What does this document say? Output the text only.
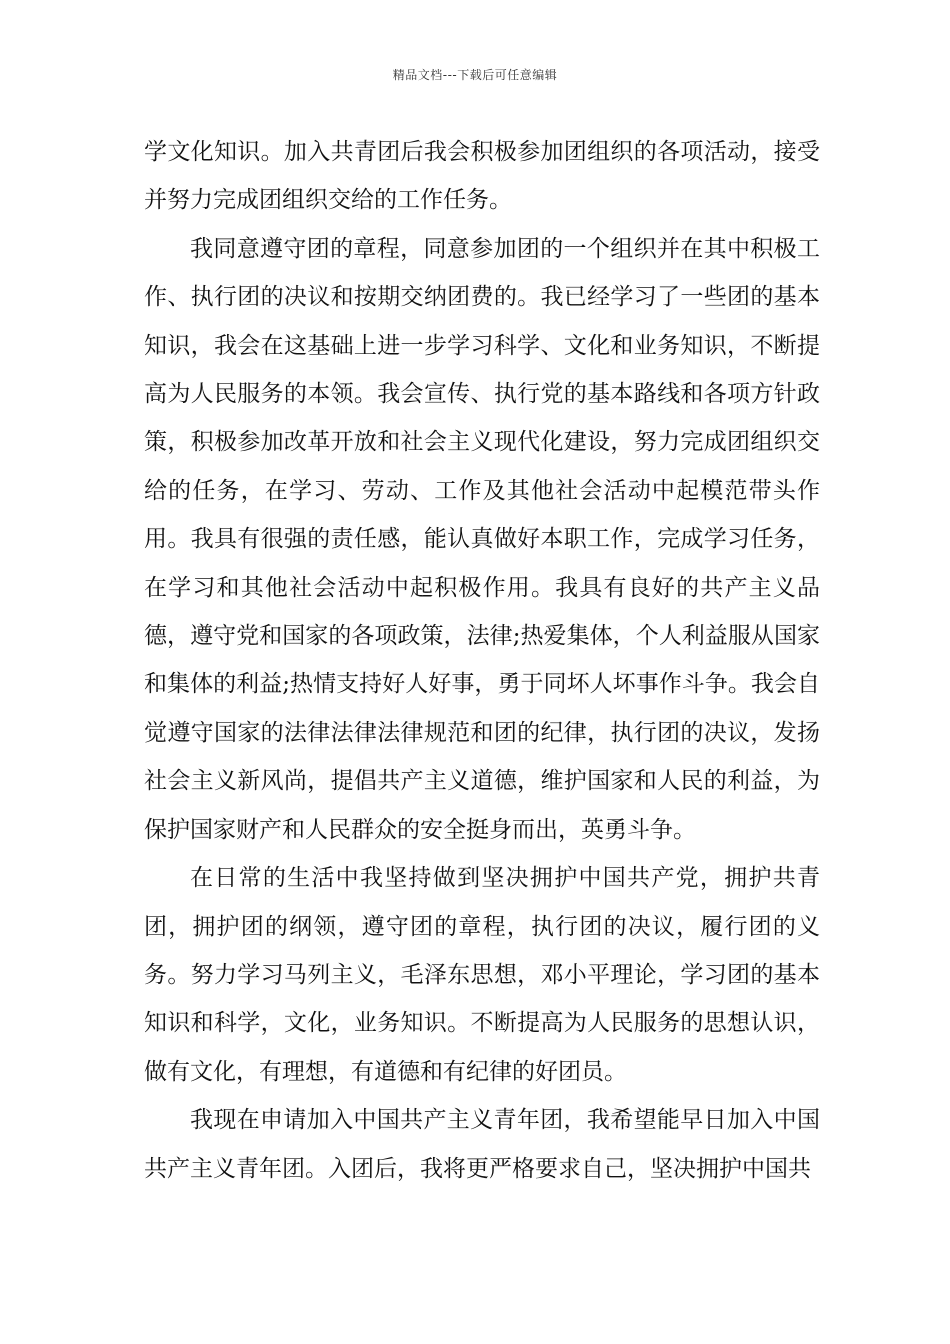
精品文档---下载后可任意编辑

学文化知识。加入共青团后我会积极参加团组织的各项活动，接受并努力完成团组织交给的工作任务。

我同意遵守团的章程，同意参加团的一个组织并在其中积极工作、执行团的决议和按期交纳团费的。我已经学习了一些团的基本知识，我会在这基础上进一步学习科学、文化和业务知识，不断提高为人民服务的本领。我会宣传、执行党的基本路线和各项方针政策，积极参加改革开放和社会主义现代化建设，努力完成团组织交给的任务，在学习、劳动、工作及其他社会活动中起模范带头作用。我具有很强的责任感，能认真做好本职工作，完成学习任务，在学习和其他社会活动中起积极作用。我具有良好的共产主义品德，遵守党和国家的各项政策，法律;热爱集体，个人利益服从国家和集体的利益;热情支持好人好事，勇于同坏人坏事作斗争。我会自觉遵守国家的法律法律法律规范和团的纪律，执行团的决议，发扬社会主义新风尚，提倡共产主义道德，维护国家和人民的利益，为保护国家财产和人民群众的安全挺身而出，英勇斗争。

在日常的生活中我坚持做到坚决拥护中国共产党，拥护共青团，拥护团的纲领，遵守团的章程，执行团的决议，履行团的义务。努力学习马列主义，毛泽东思想，邓小平理论，学习团的基本知识和科学，文化，业务知识。不断提高为人民服务的思想认识，做有文化，有理想，有道德和有纪律的好团员。

我现在申请加入中国共产主义青年团，我希望能早日加入中国共产主义青年团。入团后，我将更严格要求自己，坚决拥护中国共
